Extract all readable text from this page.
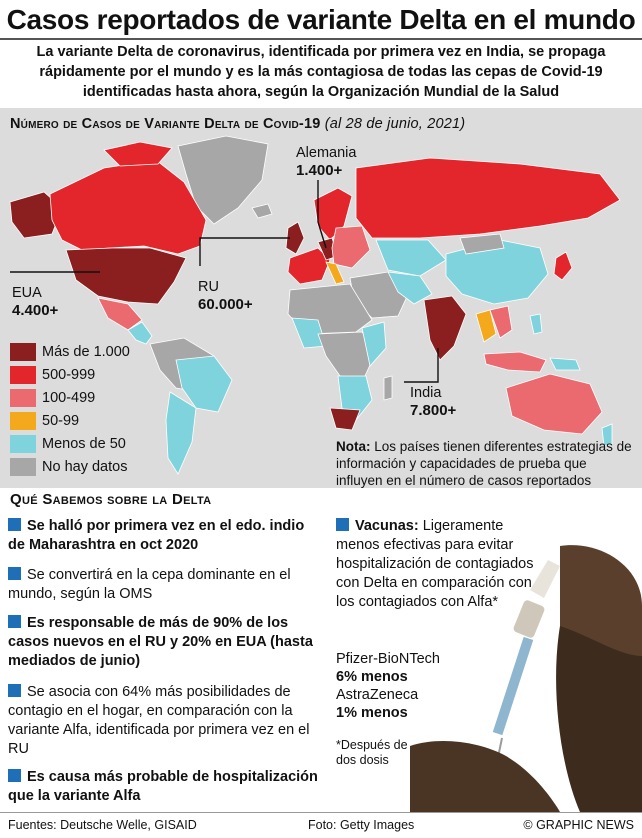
Casos reportados de variante Delta en el mundo
La variante Delta de coronavirus, identificada por primera vez en India, se propaga rápidamente por el mundo y es la más contagiosa de todas las cepas de Covid-19 identificadas hasta ahora, según la Organización Mundial de la Salud
Número de Casos de Variante Delta de Covid-19 (al 28 de junio, 2021)
Alemania
1.400+
RU
60.000+
EUA
4.400+
India
7.800+
Más de 1.000
500-999
100-499
50-99
Menos de 50
No hay datos
Nota: Los países tienen diferentes estrategias de información y capacidades de prueba que influyen en el número de casos reportados
Qué Sabemos sobre la Delta
Se halló por primera vez en el edo. indio de Maharashtra en oct 2020
Se convertirá en la cepa dominante en el mundo, según la OMS
Es responsable de más de 90% de los casos nuevos en el RU y 20% en EUA (hasta mediados de junio)
Se asocia con 64% más posibilidades de contagio en el hogar, en comparación con la variante Alfa, identificada por primera vez en el RU
Es causa más probable de hospitalización que la variante Alfa
Vacunas: Ligeramente menos efectivas para evitar hospitalización de contagiados con Delta en comparación con los contagiados con Alfa*
Pfizer-BioNTech
6% menos
AstraZeneca
1% menos
*Después de dos dosis
Fuentes: Deutsche Welle, GISAID	Foto: Getty Images	© GRAPHIC NEWS
